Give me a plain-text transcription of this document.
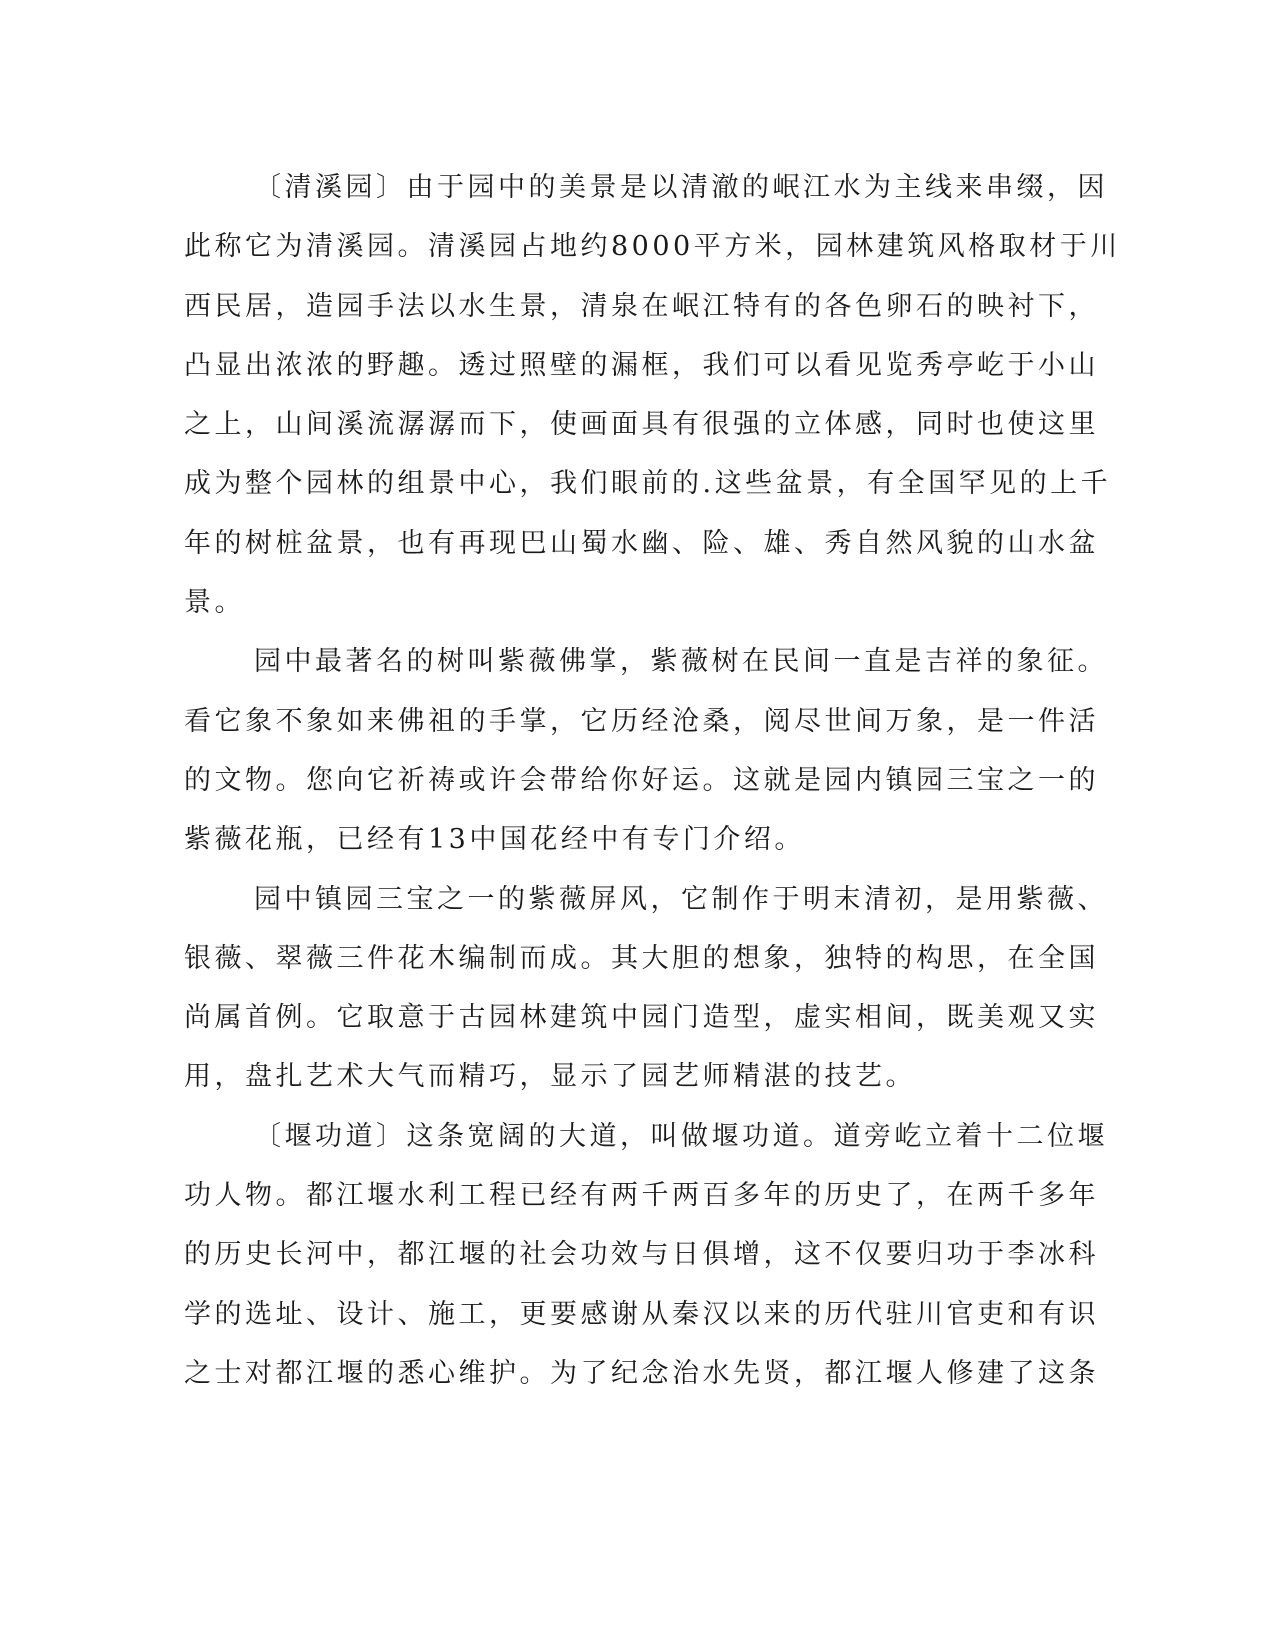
〔清溪园〕由于园中的美景是以清澈的岷江水为主线来串缀，因
此称它为清溪园。清溪园占地约8000平方米，园林建筑风格取材于川
西民居，造园手法以水生景，清泉在岷江特有的各色卵石的映衬下，
凸显出浓浓的野趣。透过照壁的漏框，我们可以看见览秀亭屹于小山
之上，山间溪流潺潺而下，使画面具有很强的立体感，同时也使这里
成为整个园林的组景中心，我们眼前的.这些盆景，有全国罕见的上千
年的树桩盆景，也有再现巴山蜀水幽、险、雄、秀自然风貌的山水盆
景。
园中最著名的树叫紫薇佛掌，紫薇树在民间一直是吉祥的象征。
看它象不象如来佛祖的手掌，它历经沧桑，阅尽世间万象，是一件活
的文物。您向它祈祷或许会带给你好运。这就是园内镇园三宝之一的
紫薇花瓶，已经有13中国花经中有专门介绍。
园中镇园三宝之一的紫薇屏风，它制作于明末清初，是用紫薇、
银薇、翠薇三件花木编制而成。其大胆的想象，独特的构思，在全国
尚属首例。它取意于古园林建筑中园门造型，虚实相间，既美观又实
用，盘扎艺术大气而精巧，显示了园艺师精湛的技艺。
〔堰功道〕这条宽阔的大道，叫做堰功道。道旁屹立着十二位堰
功人物。都江堰水利工程已经有两千两百多年的历史了，在两千多年
的历史长河中，都江堰的社会功效与日俱增，这不仅要归功于李冰科
学的选址、设计、施工，更要感谢从秦汉以来的历代驻川官吏和有识
之士对都江堰的悉心维护。为了纪念治水先贤，都江堰人修建了这条
